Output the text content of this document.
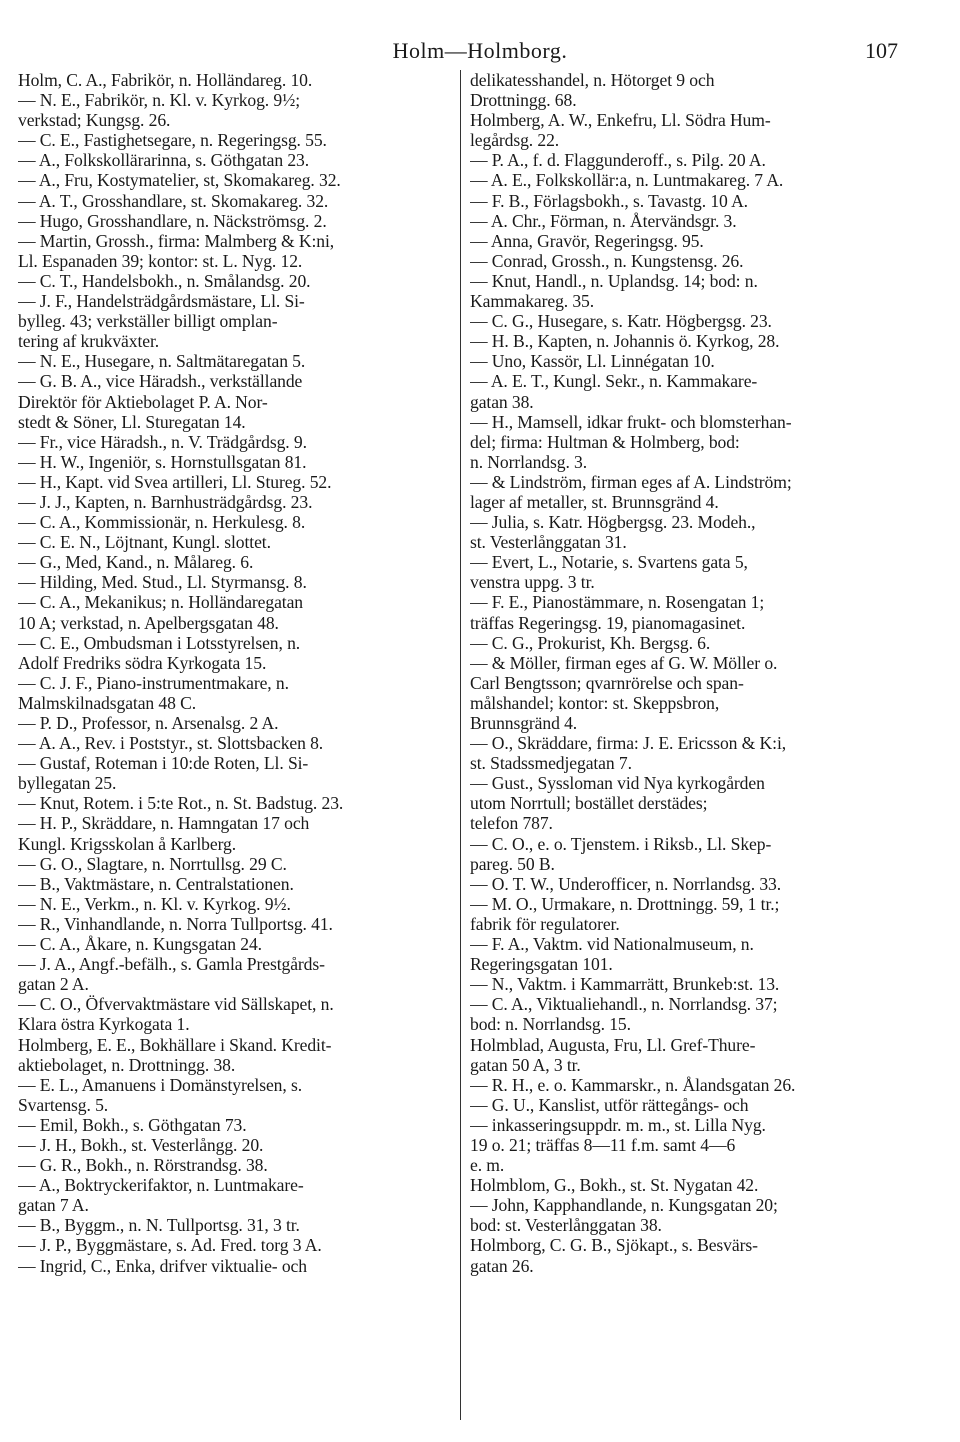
Holm—Holmborg.	107
Holm, C. A., Fabrikör, n. Holländareg. 10.
— N. E., Fabrikör, n. Kl. v. Kyrkog. 9½;
verkstad; Kungsg. 26.
— C. E., Fastighetsegare, n. Regeringsg. 55.
— A., Folkskollärarinna, s. Göthgatan 23.
— A., Fru, Kostymatelier, st, Skomakareg. 32.
— A. T., Grosshandlare, st. Skomakareg. 32.
— Hugo, Grosshandlare, n. Näckströmsg. 2.
— Martin, Grossh., firma: Malmberg & K:ni,
Ll. Espanaden 39; kontor: st. L. Nyg. 12.
— C. T., Handelsbokh., n. Smålandsg. 20.
— J. F., Handelsträdgårdsmästare, Ll. Si-
bylleg. 43; verkställer billigt omplan-
tering af krukväxter.
— N. E., Husegare, n. Saltmätaregatan 5.
— G. B. A., vice Häradsh., verkställande
Direktör för Aktiebolaget P. A. Nor-
stedt & Söner, Ll. Sturegatan 14.
— Fr., vice Häradsh., n. V. Trädgårdsg. 9.
— H. W., Ingeniör, s. Hornstullsgatan 81.
— H., Kapt. vid Svea artilleri, Ll. Stureg. 52.
— J. J., Kapten, n. Barnhusträdgårdsg. 23.
— C. A., Kommissionär, n. Herkulesg. 8.
— C. E. N., Löjtnant, Kungl. slottet.
— G., Med, Kand., n. Målareg. 6.
— Hilding, Med. Stud., Ll. Styrmansg. 8.
— C. A., Mekanikus; n. Holländaregatan
10 A; verkstad, n. Apelbergsgatan 48.
— C. E., Ombudsman i Lotsstyrelsen, n.
Adolf Fredriks södra Kyrkogata 15.
— C. J. F., Piano-instrumentmakare, n.
Malmskilnadsgatan 48 C.
— P. D., Professor, n. Arsenalsg. 2 A.
— A. A., Rev. i Poststyr., st. Slottsbacken 8.
— Gustaf, Roteman i 10:de Roten, Ll. Si-
byllegatan 25.
— Knut, Rotem. i 5:te Rot., n. St. Badstug. 23.
— H. P., Skräddare, n. Hamngatan 17 och
Kungl. Krigsskolan å Karlberg.
— G. O., Slagtare, n. Norrtullsg. 29 C.
— B., Vaktmästare, n. Centralstationen.
— N. E., Verkm., n. Kl. v. Kyrkog. 9½.
— R., Vinhandlande, n. Norra Tullportsg. 41.
— C. A., Åkare, n. Kungsgatan 24.
— J. A., Angf.-befälh., s. Gamla Prestgårds-
gatan 2 A.
— C. O., Öfvervaktmästare vid Sällskapet, n.
Klara östra Kyrkogata 1.
Holmberg, E. E., Bokhällare i Skand. Kredit-
aktiebolaget, n. Drottningg. 38.
— E. L., Amanuens i Domänstyrelsen, s.
Svartensg. 5.
— Emil, Bokh., s. Göthgatan 73.
— J. H., Bokh., st. Vesterlångg. 20.
— G. R., Bokh., n. Rörstrandsg. 38.
— A., Boktryckerifaktor, n. Luntmakare-
gatan 7 A.
— B., Byggm., n. N. Tullportsg. 31, 3 tr.
— J. P., Byggmästare, s. Ad. Fred. torg 3 A.
— Ingrid, C., Enka, drifver viktualie- och
delikatesshandel, n. Hötorget 9 och
Drottningg. 68.
Holmberg, A. W., Enkefru, Ll. Södra Hum-
legårdsg. 22.
— P. A., f. d. Flaggunderoff., s. Pilg. 20 A.
— A. E., Folkskollär:a, n. Luntmakareg. 7 A.
— F. B., Förlagsbokh., s. Tavastg. 10 A.
— A. Chr., Förman, n. Återvändsgr. 3.
— Anna, Gravör, Regeringsg. 95.
— Conrad, Grossh., n. Kungstensg. 26.
— Knut, Handl., n. Uplandsg. 14; bod: n.
Kammakareg. 35.
— C. G., Husegare, s. Katr. Högbergsg. 23.
— H. B., Kapten, n. Johannis ö. Kyrkog, 28.
— Uno, Kassör, Ll. Linnégatan 10.
— A. E. T., Kungl. Sekr., n. Kammakare-
gatan 38.
— H., Mamsell, idkar frukt- och blomsterhan-
del; firma: Hultman & Holmberg, bod:
n. Norrlandsg. 3.
— & Lindström, firman eges af A. Lindström;
lager af metaller, st. Brunnsgränd 4.
— Julia, s. Katr. Högbergsg. 23. Modeh.,
st. Vesterlånggatan 31.
— Evert, L., Notarie, s. Svartens gata 5,
venstra uppg. 3 tr.
— F. E., Pianostämmare, n. Rosengatan 1;
träffas Regeringsg. 19, pianomagasinet.
— C. G., Prokurist, Kh. Bergsg. 6.
— & Möller, firman eges af G. W. Möller o.
Carl Bengtsson; qvarnrörelse och span-
målshandel; kontor: st. Skeppsbron,
Brunnsgränd 4.
— O., Skräddare, firma: J. E. Ericsson & K:i,
st. Stadssmedjegatan 7.
— Gust., Syssloman vid Nya kyrkogården
utom Norrtull; bostället derstädes;
telefon 787.
— C. O., e. o. Tjenstem. i Riksb., Ll. Skep-
pareg. 50 B.
— O. T. W., Underofficer, n. Norrlandsg. 33.
— M. O., Urmakare, n. Drottningg. 59, 1 tr.;
fabrik för regulatorer.
— F. A., Vaktm. vid Nationalmuseum, n.
Regeringsgatan 101.
— N., Vaktm. i Kammarrätt, Brunkeb:st. 13.
— C. A., Viktualiehandl., n. Norrlandsg. 37;
bod: n. Norrlandsg. 15.
Holmblad, Augusta, Fru, Ll. Gref-Thure-
gatan 50 A, 3 tr.
— R. H., e. o. Kammarskr., n. Ålandsgatan 26.
— G. U., Kanslist, utför rättegångs- och
— inkasseringsuppdr. m. m., st. Lilla Nyg.
19 o. 21; träffas 8—11 f.m. samt 4—6
e. m.
Holmblom, G., Bokh., st. St. Nygatan 42.
— John, Kapphandlande, n. Kungsgatan 20;
bod: st. Vesterlånggatan 38.
Holmborg, C. G. B., Sjökapt., s. Besvärs-
gatan 26.
